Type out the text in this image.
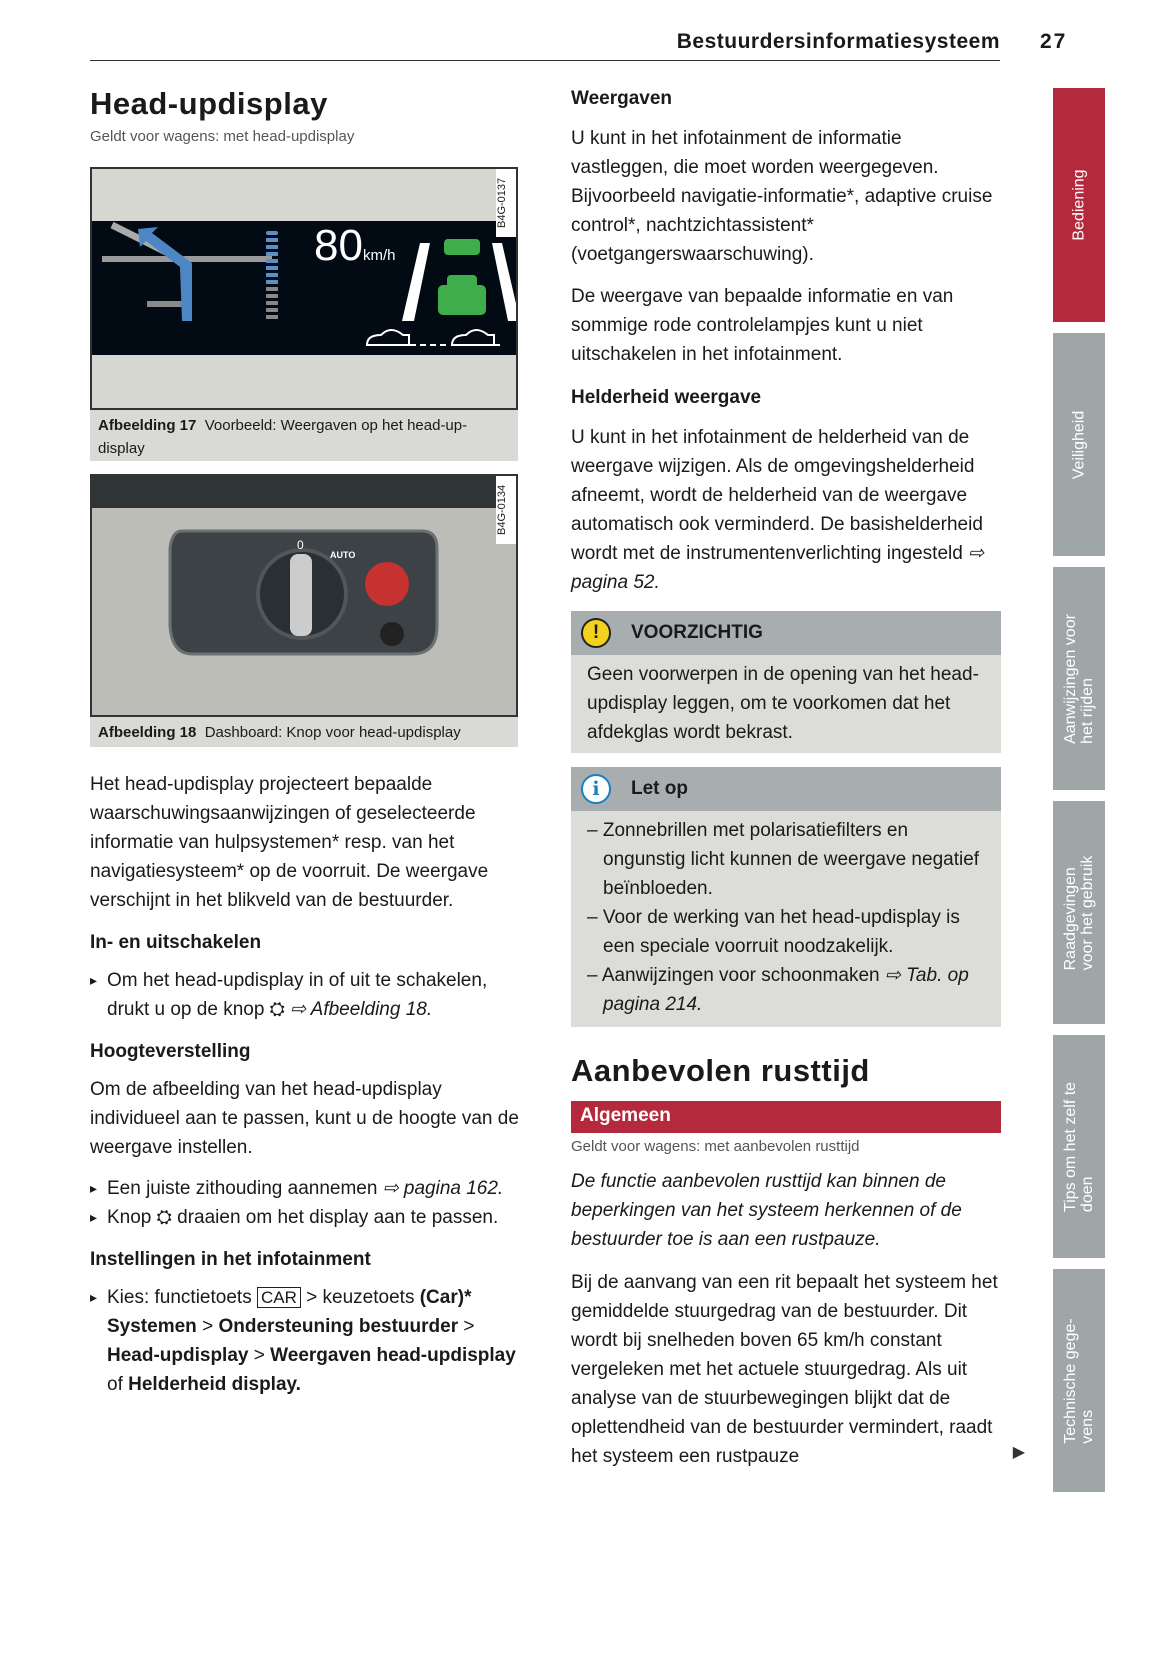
Bestuurdersinformatiesysteem 27
Bediening
Veiligheid
Aanwijzingen voor het rijden
Raadgevingen voor het gebruik
Tips om het zelf te doen
Technische gege- vens
Head-updisplay
Geldt voor wagens: met head-updisplay
80km/h
B4G-0137
Afbeelding 17 Voorbeeld: Weergaven op het head-up-display
0
AUTO
B4G-0134
Afbeelding 18 Dashboard: Knop voor head-updisplay

Het head-updisplay projecteert bepaalde waarschuwingsaanwijzingen of geselecteerde informatie van hulpsystemen* resp. van het navigatiesysteem* op de voorruit. De weergave verschijnt in het blikveld van de bestuurder.

In- en uitschakelen

▸ Om het head-updisplay in of uit te schakelen, drukt u op de knop ⛭ ⇨ Afbeelding 18.

Hoogteverstelling

Om de afbeelding van het head-updisplay individueel aan te passen, kunt u de hoogte van de weergave instellen.

▸ Een juiste zithouding aannemen ⇨ pagina 162.

▸ Knop ⛭ draaien om het display aan te passen.

Instellingen in het infotainment

▸ Kies: functietoets CAR > keuzetoets (Car)* Systemen > Ondersteuning bestuurder > Head-updisplay > Weergaven head-updisplay of Helderheid display.

Weergaven

U kunt in het infotainment de informatie vastleggen, die moet worden weergegeven. Bijvoorbeeld navigatie-informatie*, adaptive cruise control*, nachtzichtassistent* (voetgangerswaarschuwing).

De weergave van bepaalde informatie en van sommige rode controlelampjes kunt u niet uitschakelen in het infotainment.

Helderheid weergave

U kunt in het infotainment de helderheid van de weergave wijzigen. Als de omgevingshelderheid afneemt, wordt de helderheid van de weergave automatisch ook verminderd. De basishelderheid wordt met de instrumentenverlichting ingesteld ⇨ pagina 52.

!	VOORZICHTIG

Geen voorwerpen in de opening van het head-updisplay leggen, om te voorkomen dat het afdekglas wordt bekrast.

i	Let op

– Zonnebrillen met polarisatiefilters en ongunstig licht kunnen de weergave negatief beïnbloeden.

– Voor de werking van het head-updisplay is een speciale voorruit noodzakelijk.

– Aanwijzingen voor schoonmaken ⇨ Tab. op pagina 214.

Aanbevolen rusttijd
Algemeen
Geldt voor wagens: met aanbevolen rusttijd

De functie aanbevolen rusttijd kan binnen de beperkingen van het systeem herkennen of de bestuurder toe is aan een rustpauze.

Bij de aanvang van een rit bepaalt het systeem het gemiddelde stuurgedrag van de bestuurder. Dit wordt bij snelheden boven 65 km/h constant vergeleken met het actuele stuurgedrag. Als uit analyse van de stuurbewegingen blijkt dat de oplettendheid van de bestuurder vermindert, raadt het systeem een rustpauze	▶
